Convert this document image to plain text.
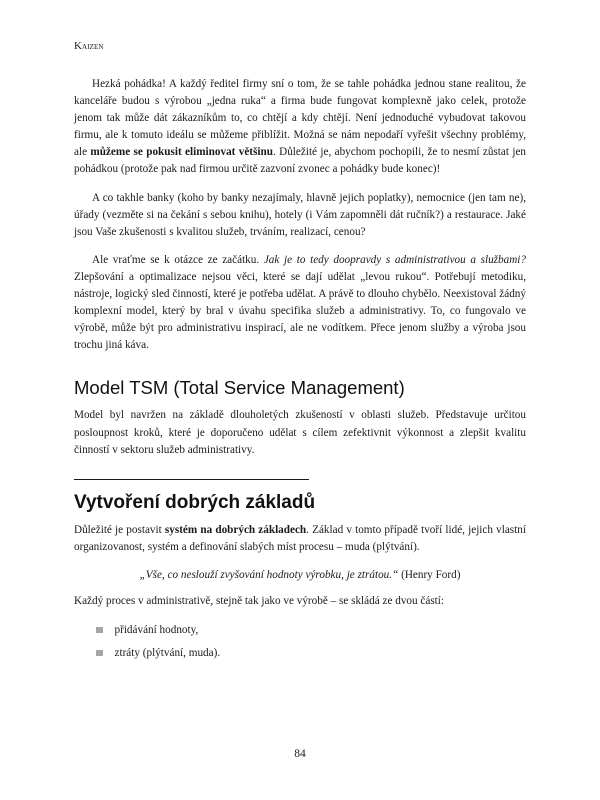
Kaizen

Hezká pohádka! A každý ředitel firmy sní o tom, že se tahle pohádka jednou stane realitou, že kanceláře budou s výrobou „jedna ruka“ a firma bude fungovat komplexně jako celek, protože jenom tak může dát zákazníkům to, co chtějí a kdy chtějí. Není jednoduché vybudovat takovou firmu, ale k tomuto ideálu se můžeme přiblížit. Možná se nám nepodaří vyřešit všechny problémy, ale můžeme se pokusit eliminovat většinu. Důležité je, abychom pochopili, že to nesmí zůstat jen pohádkou (protože pak nad firmou určitě zazvoní zvonec a pohádky bude konec)!

A co takhle banky (koho by banky nezajímaly, hlavně jejich poplatky), nemocnice (jen tam ne), úřady (vezměte si na čekání s sebou knihu), hotely (i Vám zapomněli dát ručník?) a restaurace. Jaké jsou Vaše zkušenosti s kvalitou služeb, trváním, realizací, cenou?

Ale vraťme se k otázce ze začátku. Jak je to tedy doopravdy s administrativou a službami? Zlepšování a optimalizace nejsou věci, které se dají udělat „levou rukou“. Potřebují metodiku, nástroje, logický sled činností, které je potřeba udělat. A právě to dlouho chybělo. Neexistoval žádný komplexní model, který by bral v úvahu specifika služeb a administrativy. To, co fungovalo ve výrobě, může být pro administrativu inspirací, ale ne vodítkem. Přece jenom služby a výroba jsou trochu jiná káva.

Model TSM (Total Service Management)

Model byl navržen na základě dlouholetých zkušeností v oblasti služeb. Představuje určitou posloupnost kroků, které je doporučeno udělat s cílem zefektivnit výkonnost a zlepšit kvalitu činností v sektoru služeb administrativy.

Vytvoření dobrých základů

Důležité je postavit systém na dobrých základech. Základ v tomto případě tvoří lidé, jejich vlastní organizovanost, systém a definování slabých míst procesu – muda (plýtvání).

„Vše, co neslouží zvyšování hodnoty výrobku, je ztrátou.“ (Henry Ford)

Každý proces v administrativě, stejně tak jako ve výrobě – se skládá ze dvou částí:

přidávání hodnoty,
ztráty (plýtvání, muda).
84
